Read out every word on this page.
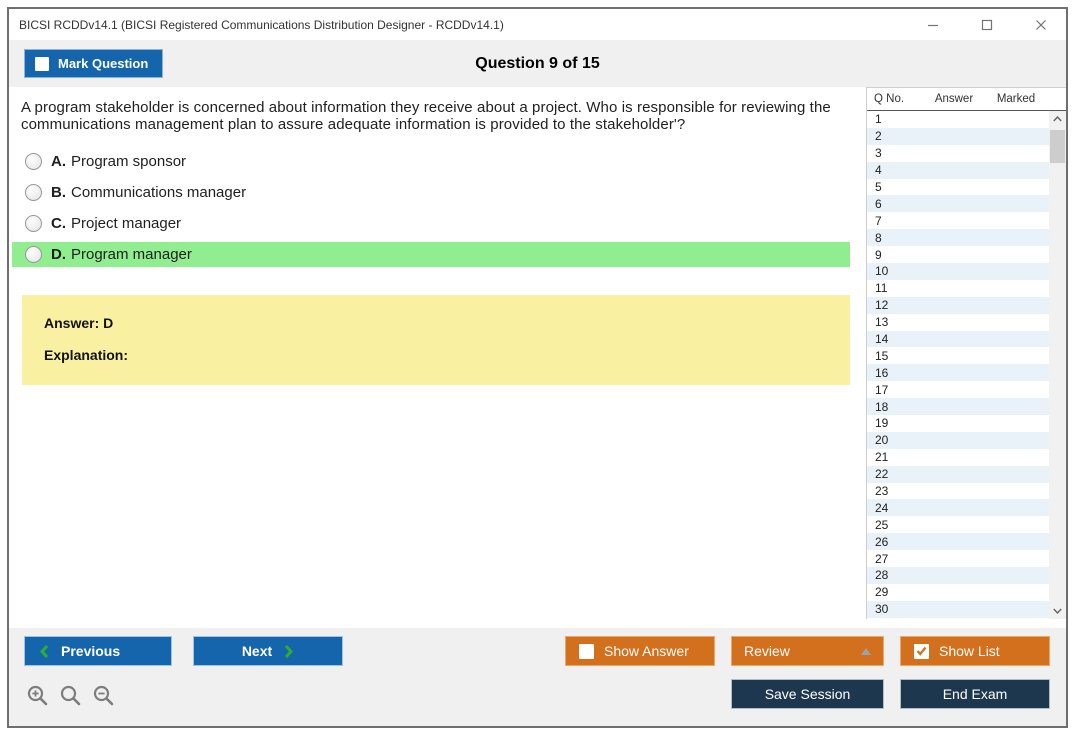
BICSI RCDDv14.1 (BICSI Registered Communications Distribution Designer - RCDDv14.1)
Question 9 of 15
Mark Question
A program stakeholder is concerned about information they receive about a project. Who is responsible for reviewing the communications management plan to assure adequate information is provided to the stakeholder'?
A. Program sponsor
B. Communications manager
C. Project manager
D. Program manager
Answer: D
Explanation:
Q No.	Answer	Marked
1
2
3
4
5
6
7
8
9
10
11
12
13
14
15
16
17
18
19
20
21
22
23
24
25
26
27
28
29
30
Previous	Next	Show Answer	Review	Show List
Save Session	End Exam
